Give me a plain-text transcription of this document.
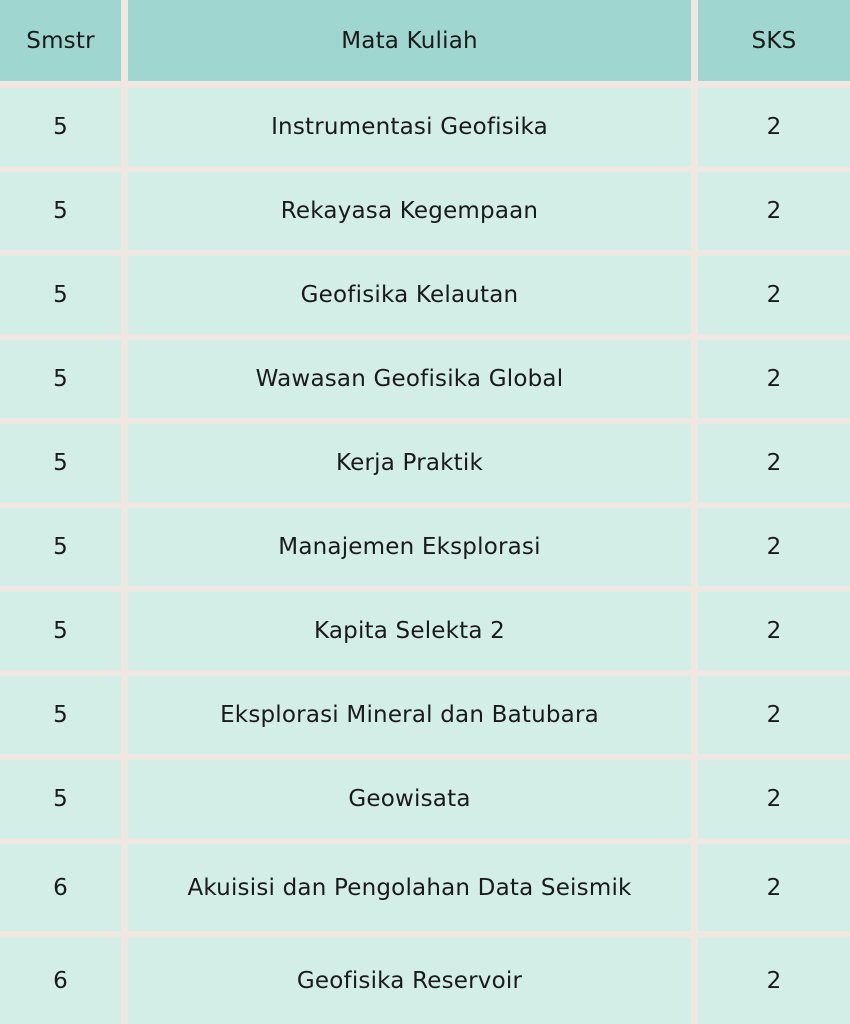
Smstr	Mata Kuliah	SKS
5	Instrumentasi Geofisika	2
5	Rekayasa Kegempaan	2
5	Geofisika Kelautan	2
5	Wawasan Geofisika Global	2
5	Kerja Praktik	2
5	Manajemen Eksplorasi	2
5	Kapita Selekta 2	2
5	Eksplorasi Mineral dan Batubara	2
5	Geowisata	2
6	Akuisisi dan Pengolahan Data Seismik	2
6	Geofisika Reservoir	2
